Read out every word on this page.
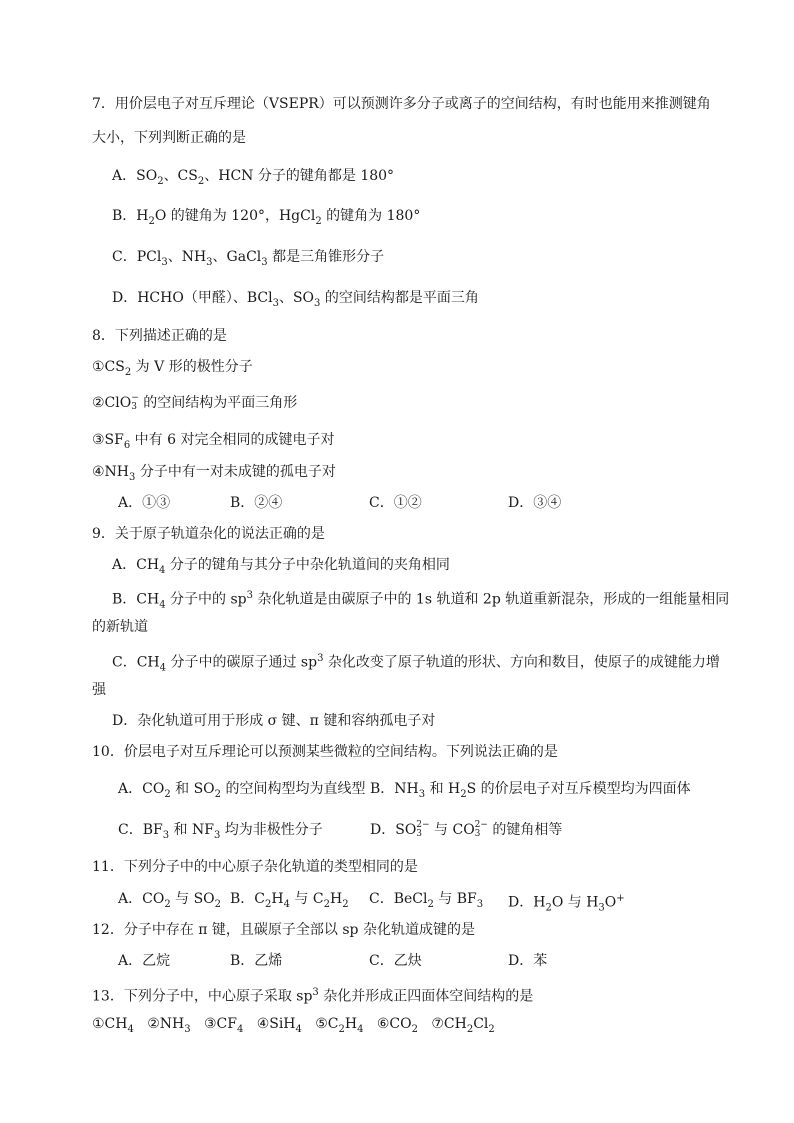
7．用价层电子对互斥理论（VSEPR）可以预测许多分子或离子的空间结构，有时也能用来推测键角
大小，下列判断正确的是
A．$SO_2$、$CS_2$、HCN 分子的键角都是 180°
B．$H_2O$ 的键角为 120°，HgCl$_2$ 的键角为 180°
C．PCl$_3$、$NH_3$、GaCl$_3$ 都是三角锥形分子
D．HCHO（甲醛）、BCl$_3$、$SO_3$ 的空间结构都是平面三角
8．下列描述正确的是
$①CS_2$ 为 V 形的极性分子
②ClO −
3 的空间结构为平面三角形
$③SF_6$ 中有 6 对完全相同的成键电子对
$④NH_3$ 分子中有一对未成键的孤电子对
A．①③	B．②④	C．①②	D．③④
9．关于原子轨道杂化的说法正确的是
A．$CH_4$ 分子的键角与其分子中杂化轨道间的夹角相同
B．$CH_4$ 分子中的 $sp^3$ 杂化轨道是由碳原子中的 1s 轨道和 2p 轨道重新混杂，形成的一组能量相同
的新轨道
C．$CH_4$ 分子中的碳原子通过 $sp^3$ 杂化改变了原子轨道的形状、方向和数目，使原子的成键能力增
强
D．杂化轨道可用于形成 σ 键、π 键和容纳孤电子对
10．价层电子对互斥理论可以预测某些微粒的空间结构。下列说法正确的是
A．$CO_2$ 和 $SO_2$ 的空间构型均为直线型 B．$NH_3$ 和 $H_2S$ 的价层电子对互斥模型均为四面体
C．$BF_3$ 和 $NF_3$ 均为非极性分子	D．SO 2−
3 与 CO 2−
3 的键角相等
11．下列分子中的中心原子杂化轨道的类型相同的是
A．$CO_2$ 与 $SO_2$ B．$C_2H_4$ 与 $C_2H_2$ C．BeCl$_2$ 与 $BF_3$ D．$H_2O$ 与 $H_3O^+$
12．分子中存在 π 键，且碳原子全部以 sp 杂化轨道成键的是
A．乙烷	B．乙烯	C．乙炔	D．苯
13．下列分子中，中心原子采取 $sp^3$ 杂化并形成正四面体空间结构的是
$①CH_4$ $②NH_3$ $③CF_4$ ④SiH$_4$ $⑤C_2H_4$ $⑥CO_2$ $⑦CH_2Cl_2$
